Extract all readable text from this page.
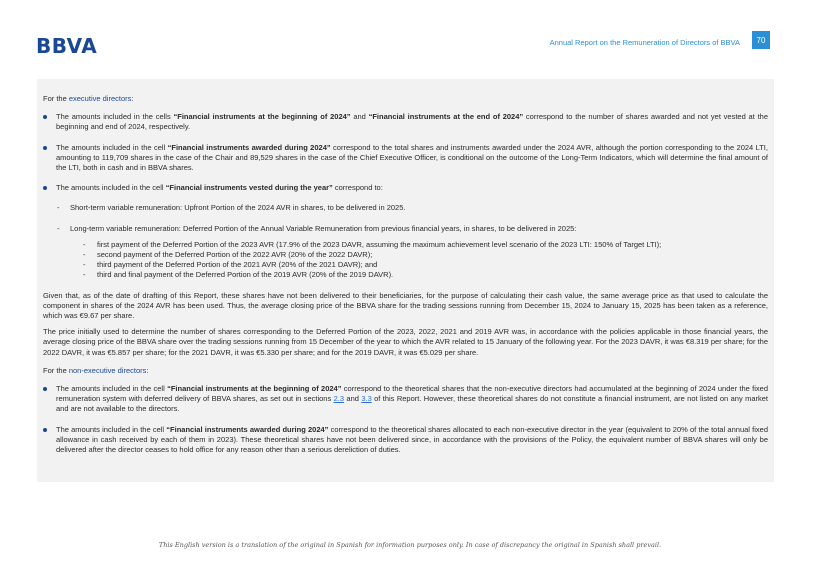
BBVA	Annual Report on the Remuneration of Directors of BBVA	70

For the executive directors:

The amounts included in the cells “Financial instruments at the beginning of 2024” and “Financial instruments at the end of 2024” correspond to the number of shares awarded and not yet vested at the beginning and end of 2024, respectively.

The amounts included in the cell “Financial instruments awarded during 2024” correspond to the total shares and instruments awarded under the 2024 AVR, although the portion corresponding to the 2024 LTI, amounting to 119,709 shares in the case of the Chair and 89,529 shares in the case of the Chief Executive Officer, is conditional on the outcome of the Long-Term Indicators, which will determine the final amount of the LTI, both in cash and in BBVA shares.

The amounts included in the cell “Financial instruments vested during the year” correspond to:

- Short-term variable remuneration: Upfront Portion of the 2024 AVR in shares, to be delivered in 2025.

- Long-term variable remuneration: Deferred Portion of the Annual Variable Remuneration from previous financial years, in shares, to be delivered in 2025:

- first payment of the Deferred Portion of the 2023 AVR (17.9% of the 2023 DAVR, assuming the maximum achievement level scenario of the 2023 LTI: 150% of Target LTI);

- second payment of the Deferred Portion of the 2022 AVR (20% of the 2022 DAVR);

- third payment of the Deferred Portion of the 2021 AVR (20% of the 2021 DAVR); and

- third and final payment of the Deferred Portion of the 2019 AVR (20% of the 2019 DAVR).

Given that, as of the date of drafting of this Report, these shares have not been delivered to their beneficiaries, for the purpose of calculating their cash value, the same average price as that used to calculate the component in shares of the 2024 AVR has been used. Thus, the average closing price of the BBVA share for the trading sessions running from December 15, 2024 to January 15, 2025 has been taken as a reference, which was €9.67 per share.

The price initially used to determine the number of shares corresponding to the Deferred Portion of the 2023, 2022, 2021 and 2019 AVR was, in accordance with the policies applicable in those financial years, the average closing price of the BBVA share over the trading sessions running from 15 December of the year to which the AVR related to 15 January of the following year. For the 2023 DAVR, it was €8.319 per share; for the 2022 DAVR, it was €5.857 per share; for the 2021 DAVR, it was €5.330 per share; and for the 2019 DAVR, it was €5.029 per share.

For the non-executive directors:

The amounts included in the cell “Financial instruments at the beginning of 2024” correspond to the theoretical shares that the non-executive directors had accumulated at the beginning of 2024 under the fixed remuneration system with deferred delivery of BBVA shares, as set out in sections 2.3 and 3.3 of this Report. However, these theoretical shares do not constitute a financial instrument, are not listed on any market and are not available to the directors.

The amounts included in the cell “Financial instruments awarded during 2024” correspond to the theoretical shares allocated to each non-executive director in the year (equivalent to 20% of the total annual fixed allowance in cash received by each of them in 2023). These theoretical shares have not been delivered since, in accordance with the provisions of the Policy, the equivalent number of BBVA shares will only be delivered after the director ceases to hold office for any reason other than a serious dereliction of duties.

This English version is a translation of the original in Spanish for information purposes only. In case of discrepancy the original in Spanish shall prevail.
